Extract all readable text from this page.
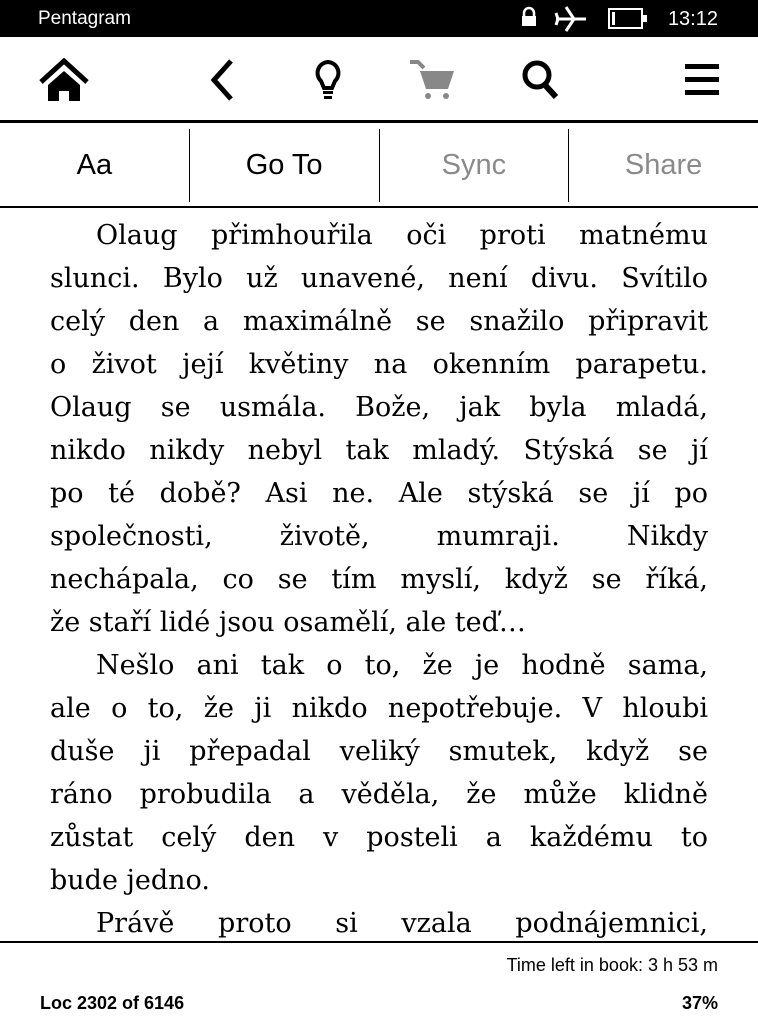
Pentagram	13:12
Aa	Go To	Sync	Share
Olaug přimhouřila oči proti matnému
slunci. Bylo už unavené, není divu. Svítilo
celý den a maximálně se snažilo připravit
o život její květiny na okenním parapetu.
Olaug se usmála. Bože, jak byla mladá,
nikdo nikdy nebyl tak mladý. Stýská se jí
po té době? Asi ne. Ale stýská se jí po
společnosti, životě, mumraji. Nikdy
nechápala, co se tím myslí, když se říká,
že staří lidé jsou osamělí, ale teď…
Nešlo ani tak o to, že je hodně sama,
ale o to, že ji nikdo nepotřebuje. V hloubi
duše ji přepadal veliký smutek, když se
ráno probudila a věděla, že může klidně
zůstat celý den v posteli a každému to
bude jedno.
Právě proto si vzala podnájemnici,
Time left in book: 3 h 53 m
Loc 2302 of 6146	37%
